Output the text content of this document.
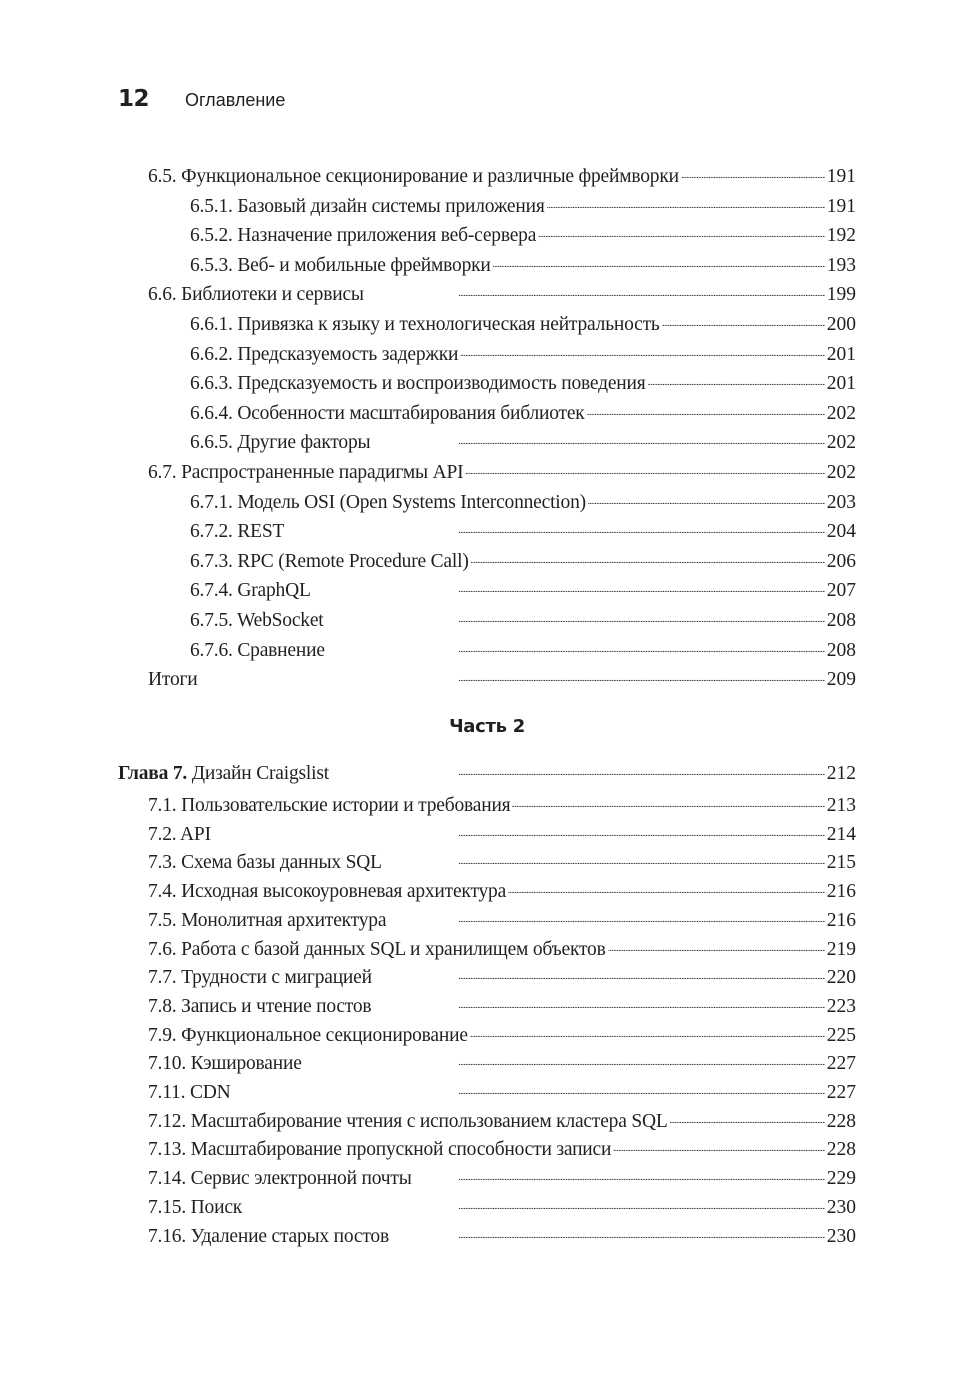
12 Оглавление
6.5. Функциональное секционирование и различные фреймворки . . .	191
6.5.1. Базовый дизайн системы приложения . . .	191
6.5.2. Назначение приложения веб-сервера . . .	192
6.5.3. Веб- и мобильные фреймворки . . .	193
6.6. Библиотеки и сервисы . . .	199
6.6.1. Привязка к языку и технологическая нейтральность . . .	200
6.6.2. Предсказуемость задержки . . .	201
6.6.3. Предсказуемость и воспроизводимость поведения . . .	201
6.6.4. Особенности масштабирования библиотек . . .	202
6.6.5. Другие факторы . . .	202
6.7. Распространенные парадигмы API . . .	202
6.7.1. Модель OSI (Open Systems Interconnection) . . .	203
6.7.2. REST . . .	204
6.7.3. RPC (Remote Procedure Call) . . .	206
6.7.4. GraphQL . . .	207
6.7.5. WebSocket . . .	208
6.7.6. Сравнение . . .	208
Итоги . . .	209
Часть 2
Глава 7. Дизайн Craigslist . . .	212
7.1. Пользовательские истории и требования . . .	213
7.2. API . . .	214
7.3. Схема базы данных SQL . . .	215
7.4. Исходная высокоуровневая архитектура . . .	216
7.5. Монолитная архитектура . . .	216
7.6. Работа с базой данных SQL и хранилищем объектов . . .	219
7.7. Трудности с миграцией . . .	220
7.8. Запись и чтение постов . . .	223
7.9. Функциональное секционирование . . .	225
7.10. Кэширование . . .	227
7.11. CDN . . .	227
7.12. Масштабирование чтения с использованием кластера SQL . . .	228
7.13. Масштабирование пропускной способности записи . . .	228
7.14. Сервис электронной почты . . .	229
7.15. Поиск . . .	230
7.16. Удаление старых постов . . .	230
